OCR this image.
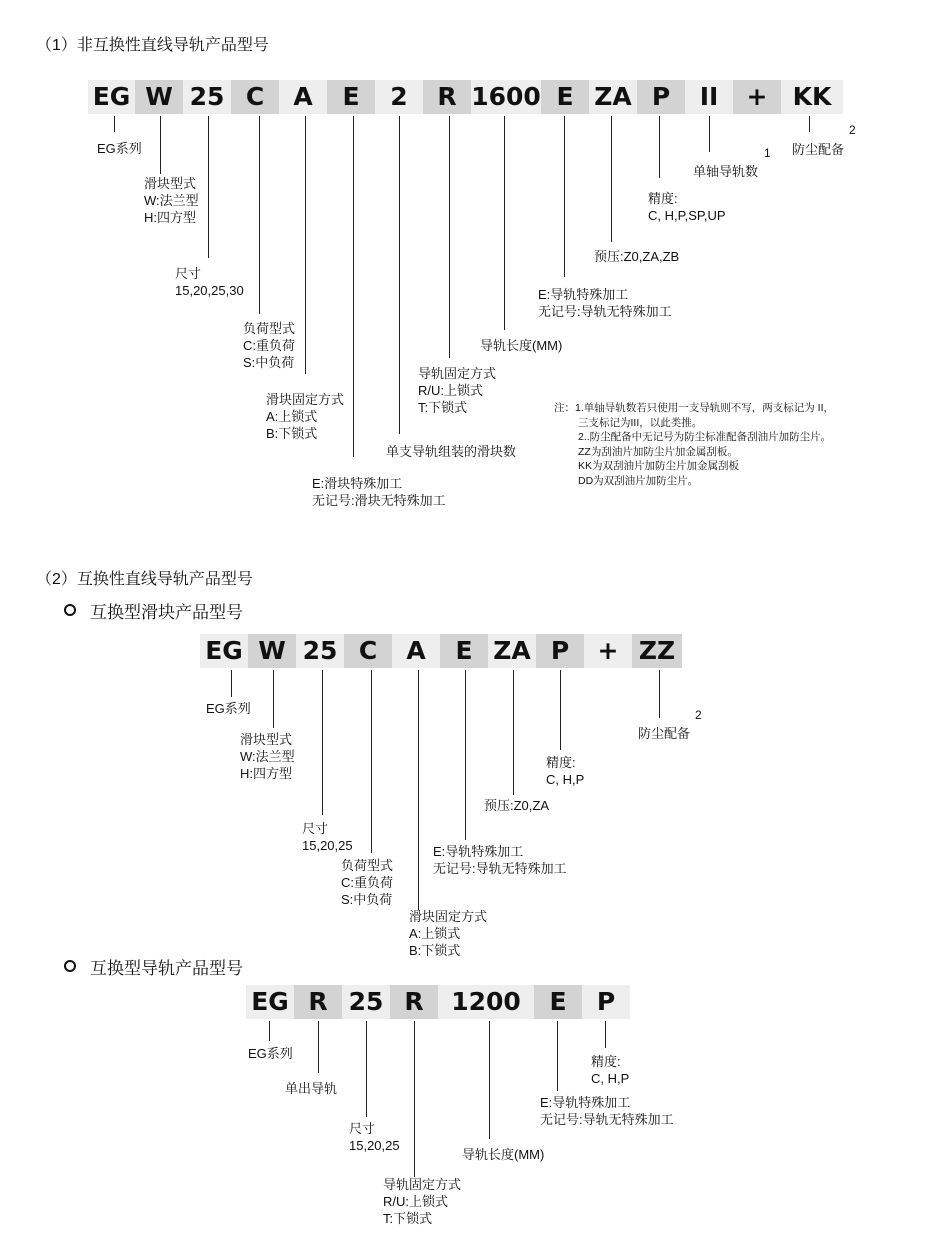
（1）非互换性直线导轨产品型号
EG W 25 C	A	E	2	R 1600 E ZA P	II	+	KK
EG系列
滑块型式
W:法兰型
H:四方型
尺寸
15,20,25,30
负荷型式
C:重负荷
S:中负荷
滑块固定方式
A:上锁式
B:下锁式
E:滑块特殊加工
无记号:滑块无特殊加工
单支导轨组装的滑块数
导轨固定方式
R/U:上锁式
T:下锁式
导轨长度(MM)
E:导轨特殊加工
无记号:导轨无特殊加工
预压:Z0,ZA,ZB
精度:
C, H,P,SP,UP
单轴导轨数
1 防尘配备
2
注：1.单轴导轨数若只使用一支导轨则不写，两支标记为 II，
三支标记为III，以此类推。
2..防尘配备中无记号为防尘标准配备刮油片加防尘片。
ZZ为刮油片加防尘片加金属刮板。
KK为双刮油片加防尘片加金属刮板
DD为双刮油片加防尘片。
（2）互换性直线导轨产品型号
互换型滑块产品型号
EG W 25 C	A	E ZA P	+ ZZ
EG系列
滑块型式
W:法兰型
H:四方型
尺寸
15,20,25
负荷型式
C:重负荷
S:中负荷
滑块固定方式
A:上锁式
B:下锁式
E:导轨特殊加工
无记号:导轨无特殊加工
预压:Z0,ZA
精度:
C, H,P
防尘配备
2
互换型导轨产品型号
EG R 25 R	1200	E	P
EG系列
单出导轨
尺寸
15,20,25
导轨固定方式
R/U:上锁式
T:下锁式
导轨长度(MM)
E:导轨特殊加工
无记号:导轨无特殊加工
精度:
C, H,P
